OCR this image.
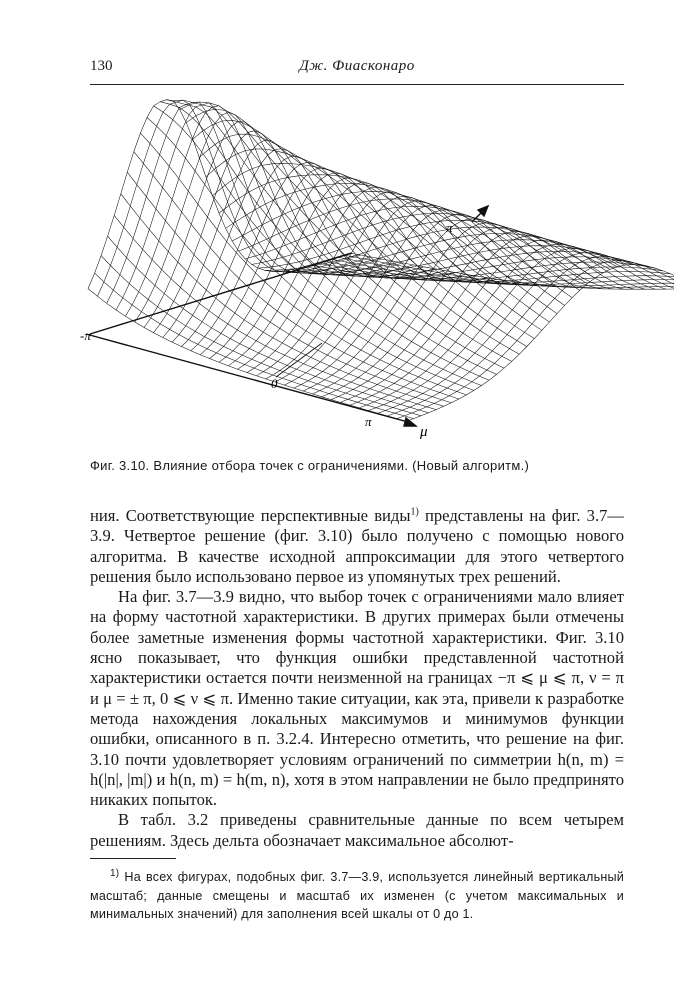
130	Дж. Фиасконаро
-π
0
π
μ
π
Фиг. 3.10. Влияние отбора точек с ограничениями. (Новый алгоритм.)

ния. Соответствующие перспективные виды$^{1)}$ представлены на фиг. 3.7—3.9. Четвертое решение (фиг. 3.10) было получено с помощью нового алгоритма. В качестве исходной аппроксимации для этого четвертого решения было использовано первое из упомянутых трех решений.

На фиг. 3.7—3.9 видно, что выбор точек с ограничениями мало влияет на форму частотной характеристики. В других примерах были отмечены более заметные изменения формы частотной характеристики. Фиг. 3.10 ясно показывает, что функция ошибки представленной частотной характеристики остается почти неизменной на границах −π ⩽ μ ⩽ π, ν = π и μ = ± π, 0 ⩽ ν ⩽ π. Именно такие ситуации, как эта, привели к разработке метода нахождения локальных максимумов и минимумов функции ошибки, описанного в п. 3.2.4. Интересно отметить, что решение на фиг. 3.10 почти удовлетворяет условиям ограничений по симметрии h(n, m) = h(|n|, |m|) и h(n, m) = h(m, n), хотя в этом направлении не было предпринято никаких попыток.

В табл. 3.2 приведены сравнительные данные по всем четырем решениям. Здесь дельта обозначает максимальное абсолют-

$^{1)}$ На всех фигурах, подобных фиг. 3.7—3.9, используется линейный вертикальный масштаб; данные смещены и масштаб их изменен (с учетом максимальных и минимальных значений) для заполнения всей шкалы от 0 до 1.
